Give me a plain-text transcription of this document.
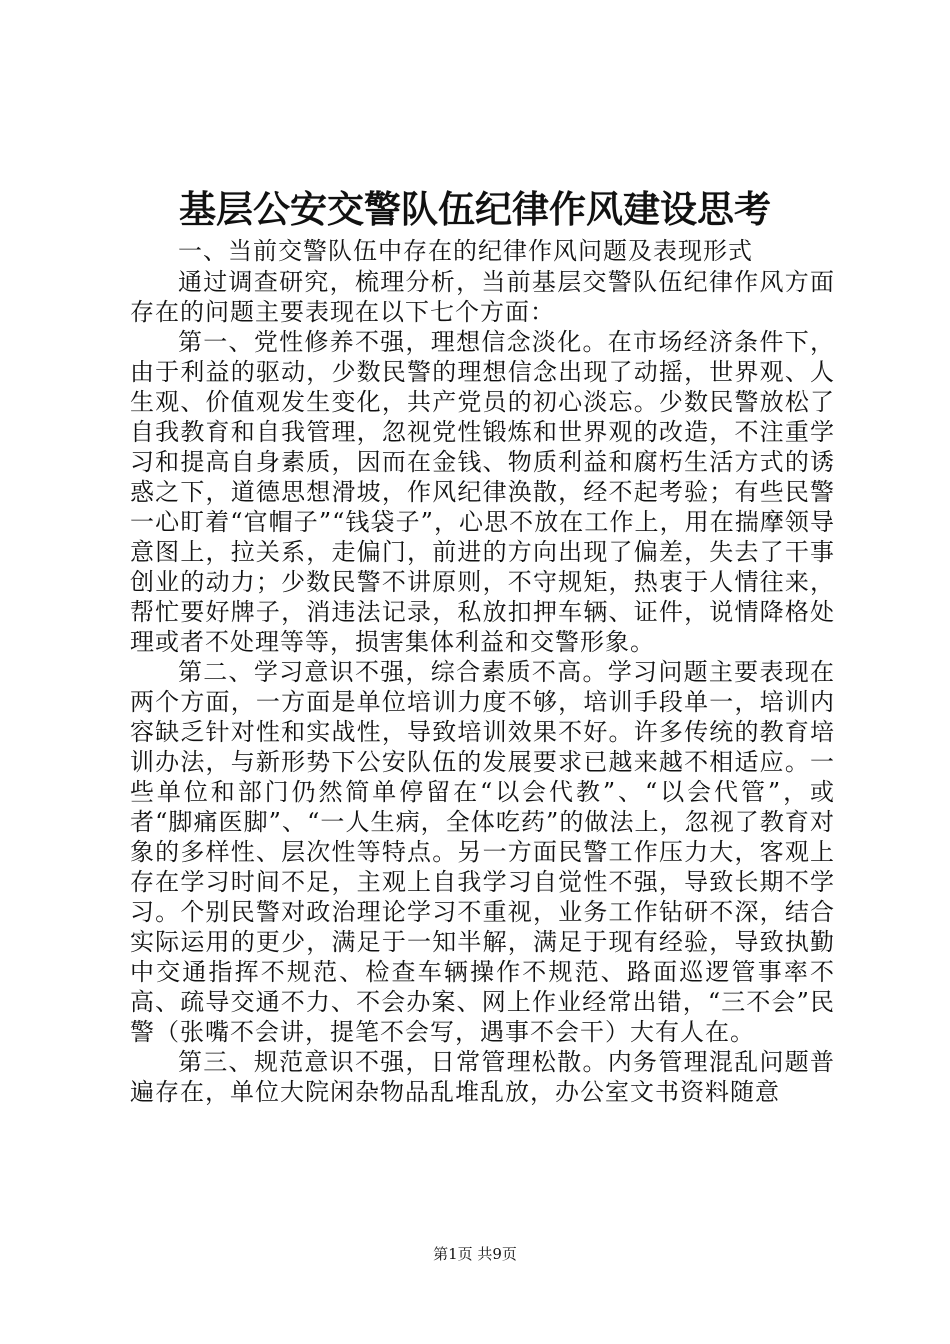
基层公安交警队伍纪律作风建设思考

一、当前交警队伍中存在的纪律作风问题及表现形式

通过调查研究，梳理分析，当前基层交警队伍纪律作风方面存在的问题主要表现在以下七个方面：

第一、党性修养不强，理想信念淡化。在市场经济条件下，由于利益的驱动，少数民警的理想信念出现了动摇，世界观、人生观、价值观发生变化，共产党员的初心淡忘。少数民警放松了自我教育和自我管理，忽视党性锻炼和世界观的改造，不注重学习和提高自身素质，因而在金钱、物质利益和腐朽生活方式的诱惑之下，道德思想滑坡，作风纪律涣散，经不起考验；有些民警一心盯着“官帽子”“钱袋子”，心思不放在工作上，用在揣摩领导意图上，拉关系，走偏门，前进的方向出现了偏差，失去了干事创业的动力；少数民警不讲原则，不守规矩，热衷于人情往来，帮忙要好牌子，消违法记录，私放扣押车辆、证件，说情降格处理或者不处理等等，损害集体利益和交警形象。

第二、学习意识不强，综合素质不高。学习问题主要表现在两个方面，一方面是单位培训力度不够，培训手段单一，培训内容缺乏针对性和实战性，导致培训效果不好。许多传统的教育培训办法，与新形势下公安队伍的发展要求已越来越不相适应。一些单位和部门仍然简单停留在“以会代教”、“以会代管”，或者“脚痛医脚”、“一人生病，全体吃药”的做法上，忽视了教育对象的多样性、层次性等特点。另一方面民警工作压力大，客观上存在学习时间不足，主观上自我学习自觉性不强，导致长期不学习。个别民警对政治理论学习不重视，业务工作钻研不深，结合实际运用的更少，满足于一知半解，满足于现有经验，导致执勤中交通指挥不规范、检查车辆操作不规范、路面巡逻管事率不高、疏导交通不力、不会办案、网上作业经常出错，“三不会”民警（张嘴不会讲，提笔不会写，遇事不会干）大有人在。

第三、规范意识不强，日常管理松散。内务管理混乱问题普遍存在，单位大院闲杂物品乱堆乱放，办公室文书资料随意

第1页 共9页
